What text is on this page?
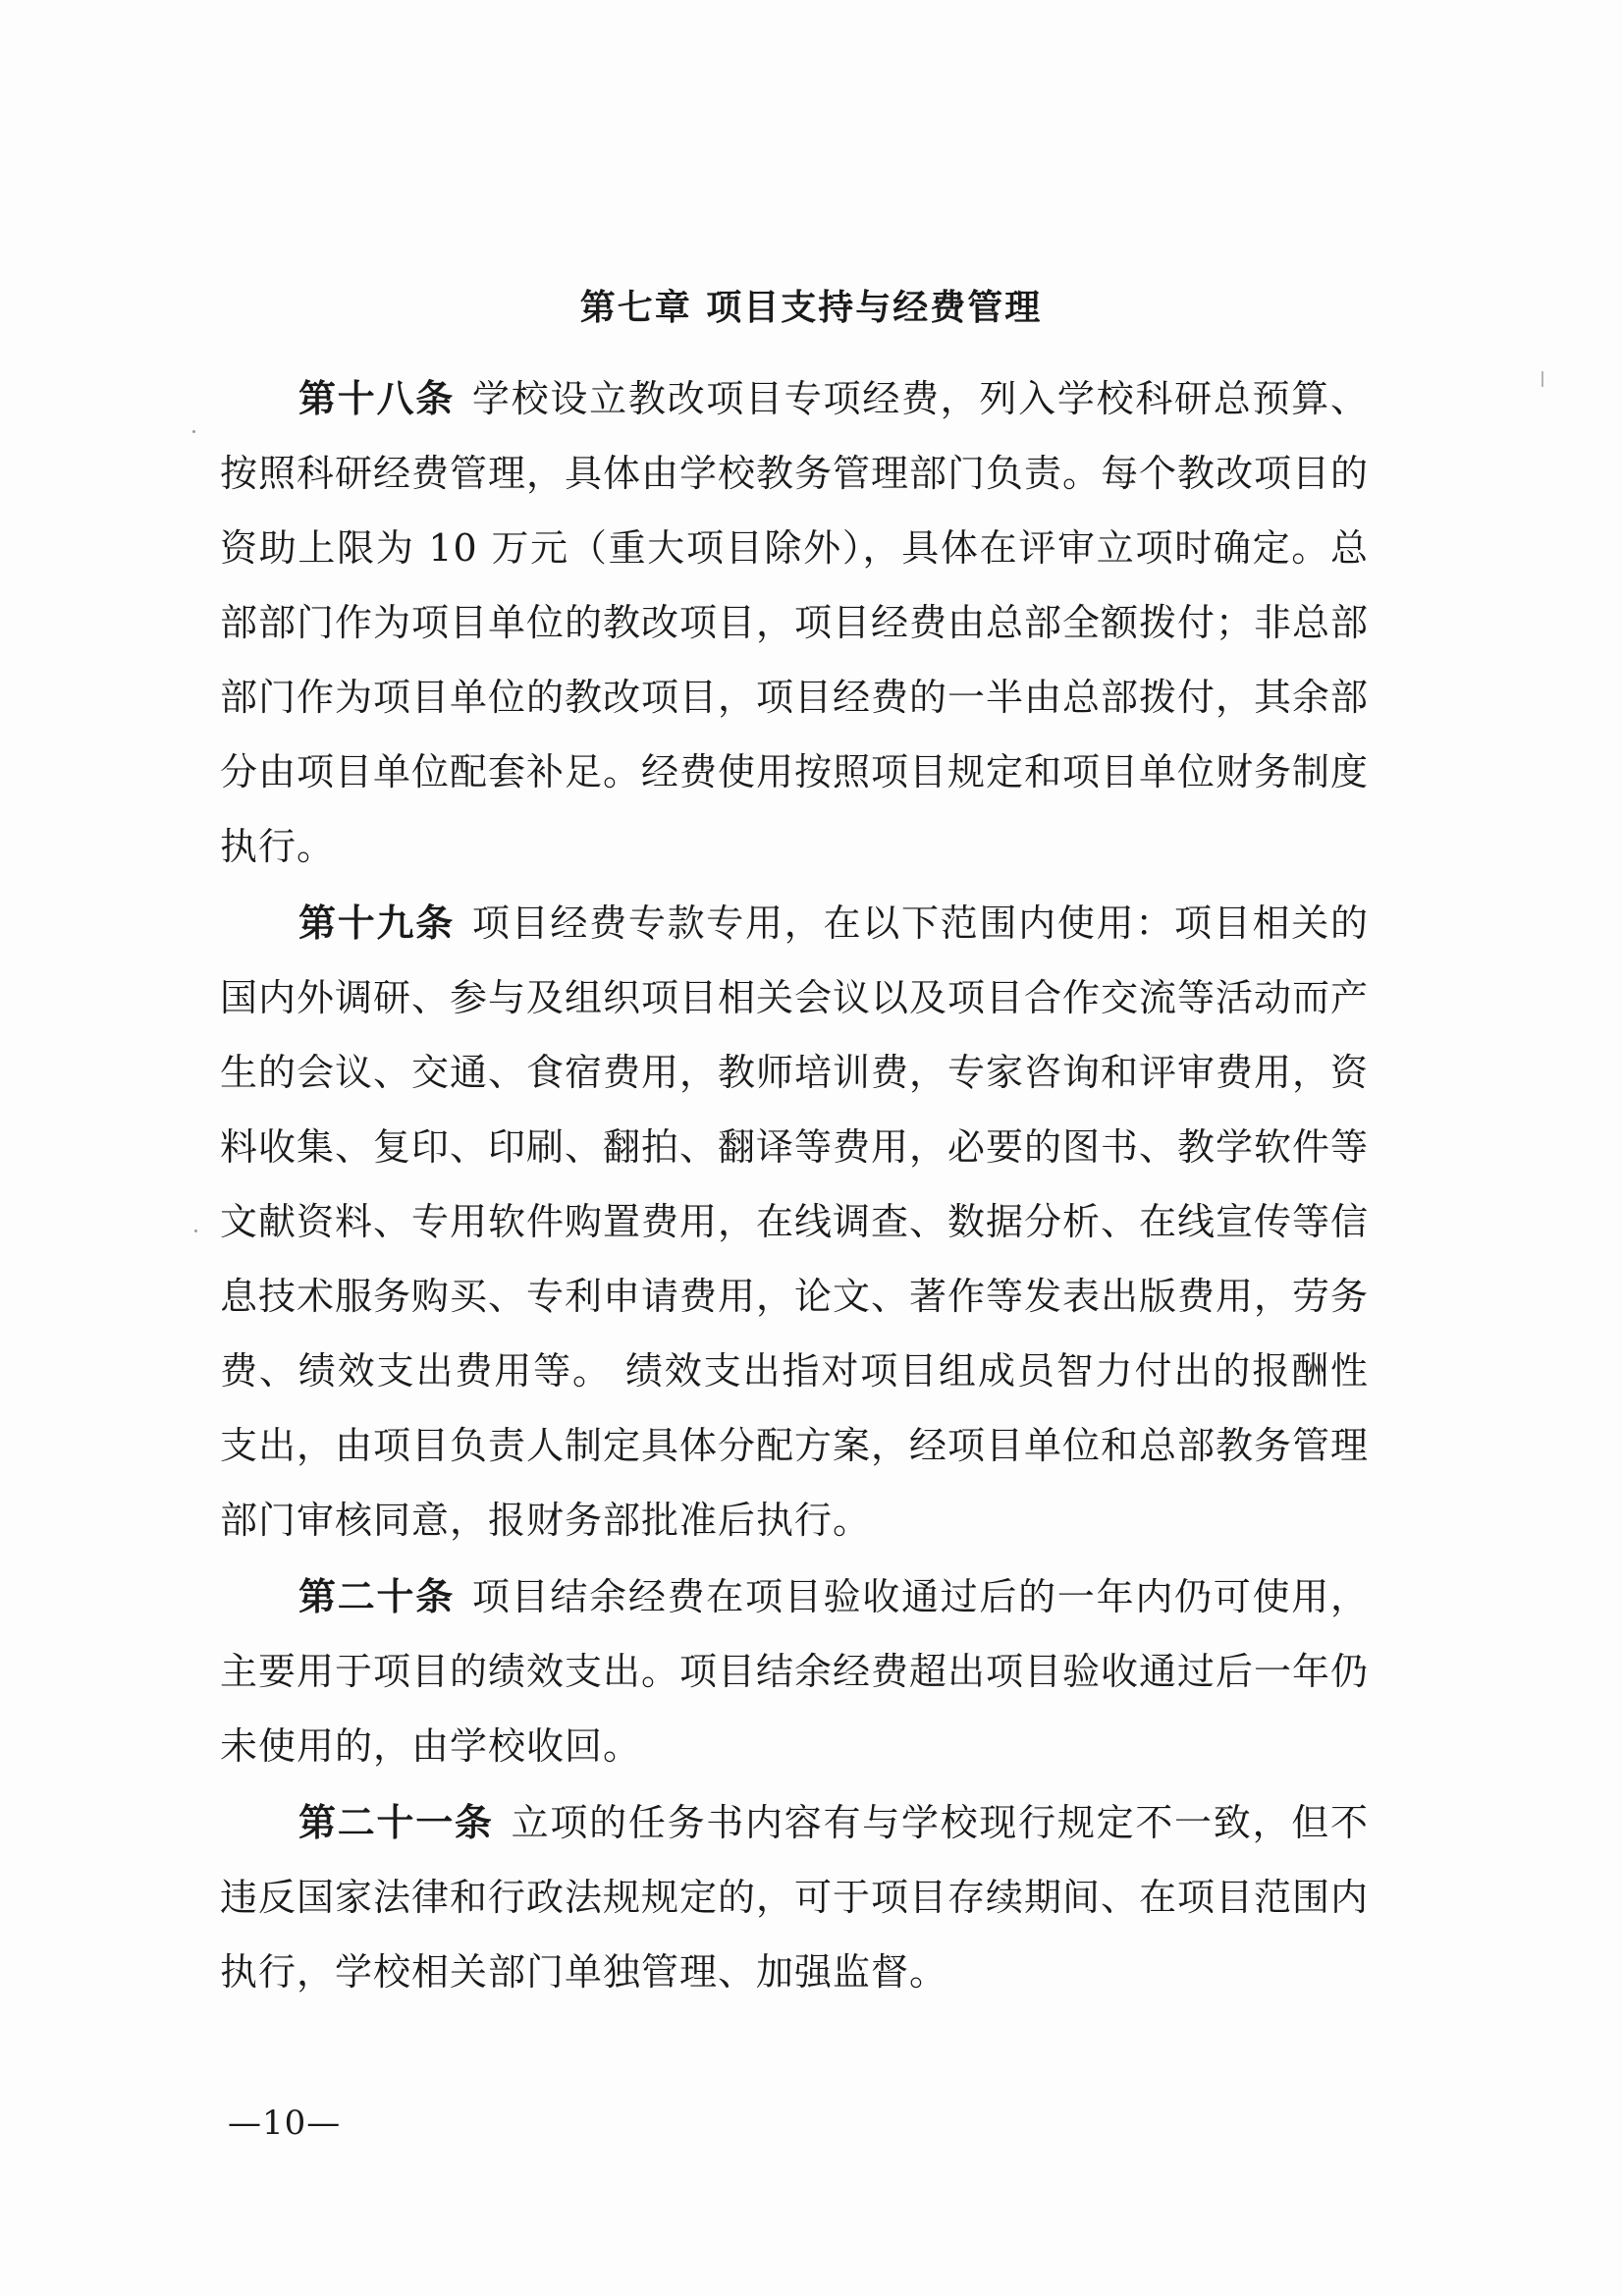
第七章 项目支持与经费管理

第十八条 学校设立教改项目专项经费，列入学校科研总预算、按照科研经费管理，具体由学校教务管理部门负责。每个教改项目的资助上限为 10 万元（重大项目除外），具体在评审立项时确定。总部部门作为项目单位的教改项目，项目经费由总部全额拨付；非总部部门作为项目单位的教改项目，项目经费的一半由总部拨付，其余部分由项目单位配套补足。经费使用按照项目规定和项目单位财务制度执行。

第十九条 项目经费专款专用，在以下范围内使用：项目相关的国内外调研、参与及组织项目相关会议以及项目合作交流等活动而产生的会议、交通、食宿费用，教师培训费，专家咨询和评审费用，资料收集、复印、印刷、翻拍、翻译等费用，必要的图书、教学软件等文献资料、专用软件购置费用，在线调查、数据分析、在线宣传等信息技术服务购买、专利申请费用，论文、著作等发表出版费用，劳务费、绩效支出费用等。 绩效支出指对项目组成员智力付出的报酬性支出，由项目负责人制定具体分配方案，经项目单位和总部教务管理部门审核同意，报财务部批准后执行。

第二十条 项目结余经费在项目验收通过后的一年内仍可使用，主要用于项目的绩效支出。项目结余经费超出项目验收通过后一年仍未使用的，由学校收回。

第二十一条 立项的任务书内容有与学校现行规定不一致，但不违反国家法律和行政法规规定的，可于项目存续期间、在项目范围内执行，学校相关部门单独管理、加强监督。

—10—
